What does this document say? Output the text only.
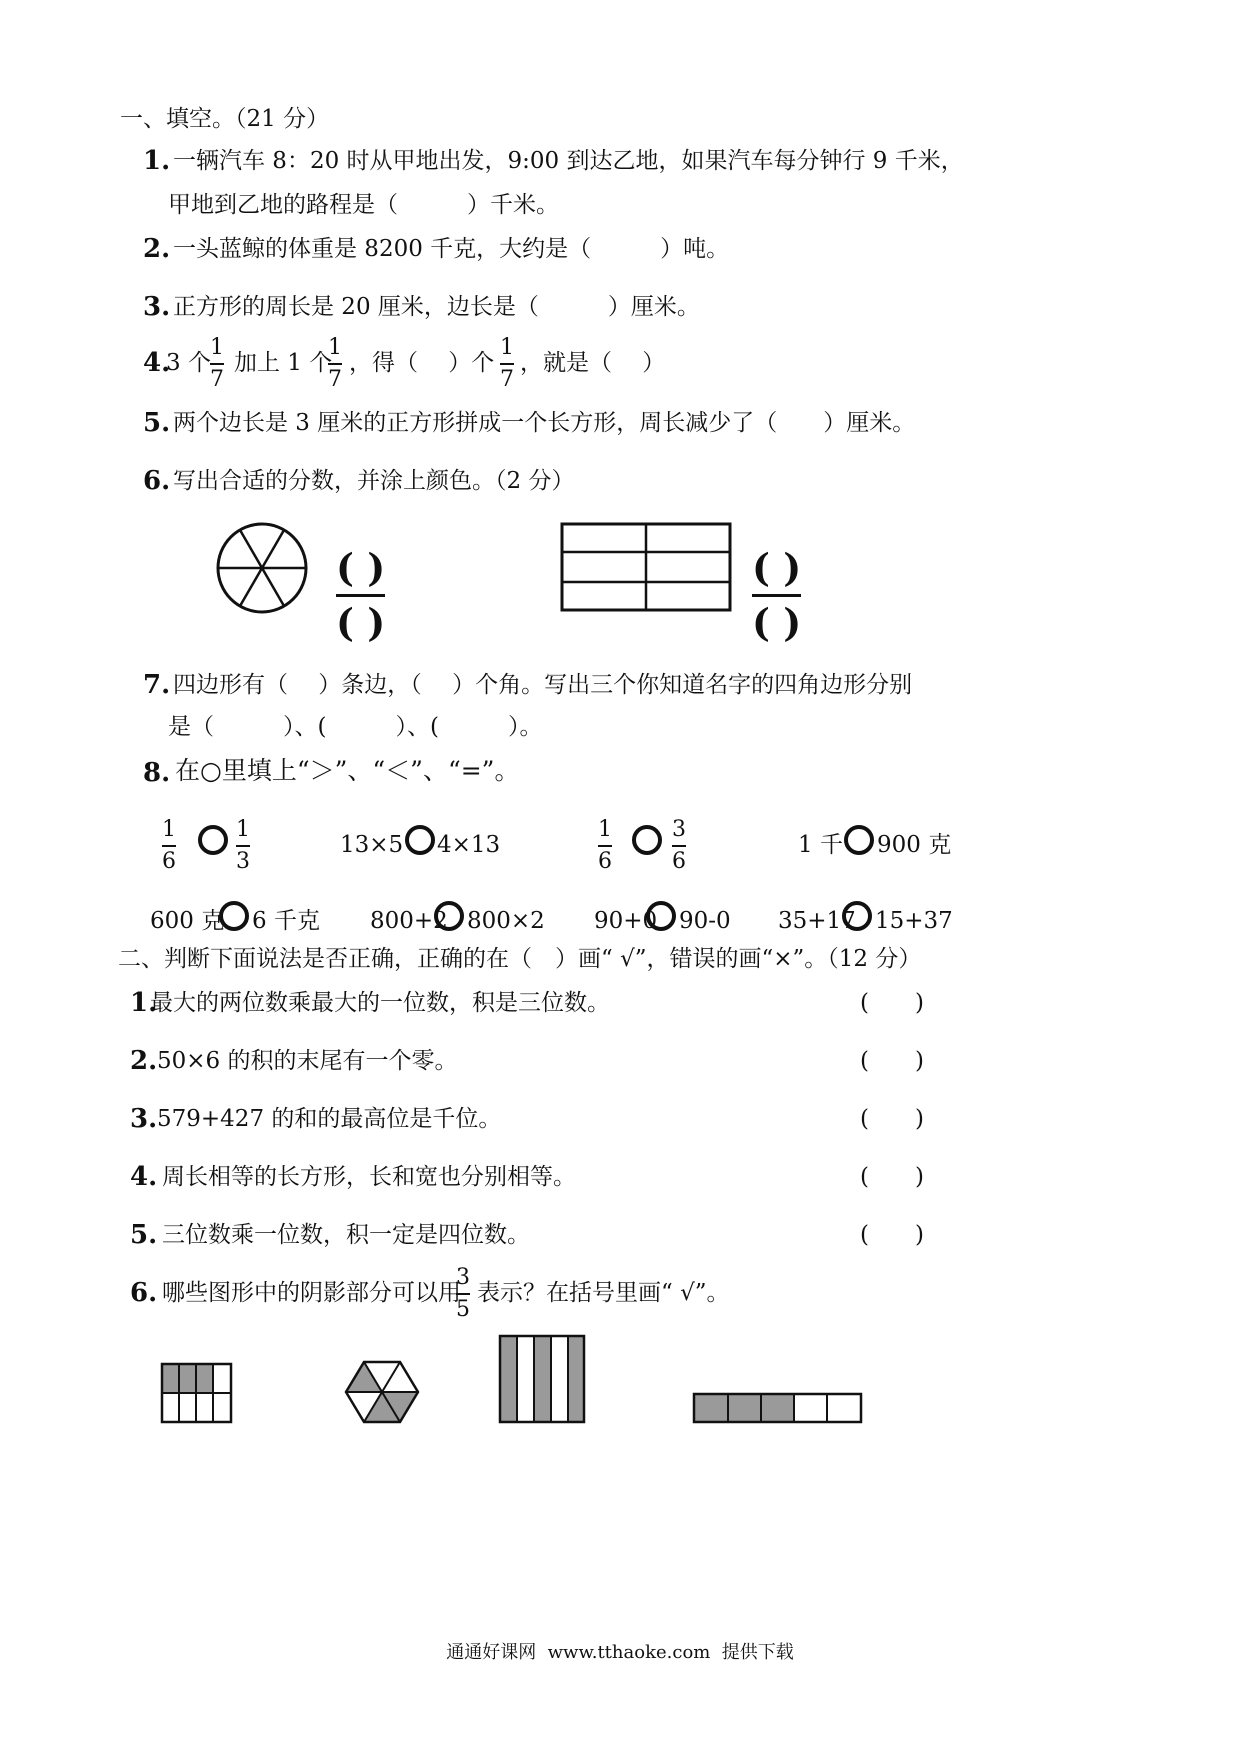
一、填空。（21 分）
1. 一辆汽车 8：20 时从甲地出发，9:00 到达乙地，如果汽车每分钟行 9 千米，
甲地到乙地的路程是（　　　）千米。
2. 一头蓝鲸的体重是 8200 千克，大约是（　　　）吨。
3. 正方形的周长是 20 厘米，边长是（　　　）厘米。
4.
3 个
1
7
加上 1 个
1
7
，得（　 ）个
1
7
，就是（　 ）
5. 两个边长是 3 厘米的正方形拼成一个长方形，周长减少了（　　）厘米。
6. 写出合适的分数，并涂上颜色。（2 分）
( )
( )
( )
( )
7. 四边形有（　 ）条边，（　 ）个角。写出三个你知道名字的四角边形分别
是（　　　）、(　　　）、(　　　）。
8. 在○里填上“＞”、“＜”、“=”。
1
6
1
3
13×5 4×13
1
6
3
6
1 千 900 克
600 克 6 千克 800+2 800×2 90+0 90-0 35+17 15+37
二、判断下面说法是否正确，正确的在（　）画“ √”，错误的画“×”。（12 分）
1.
最大的两位数乘最大的一位数，积是三位数。	(　　)
2. 50×6 的积的末尾有一个零。	(　　)
3. 579+427 的和的最高位是千位。	(　　)
4. 周长相等的长方形，长和宽也分别相等。	(　　)
5. 三位数乘一位数，积一定是四位数。	(　　)
6. 哪些图形中的阴影部分可以用
3
5
表示？在括号里画“ √”。
通通好课网  www.tthaoke.com  提供下载
